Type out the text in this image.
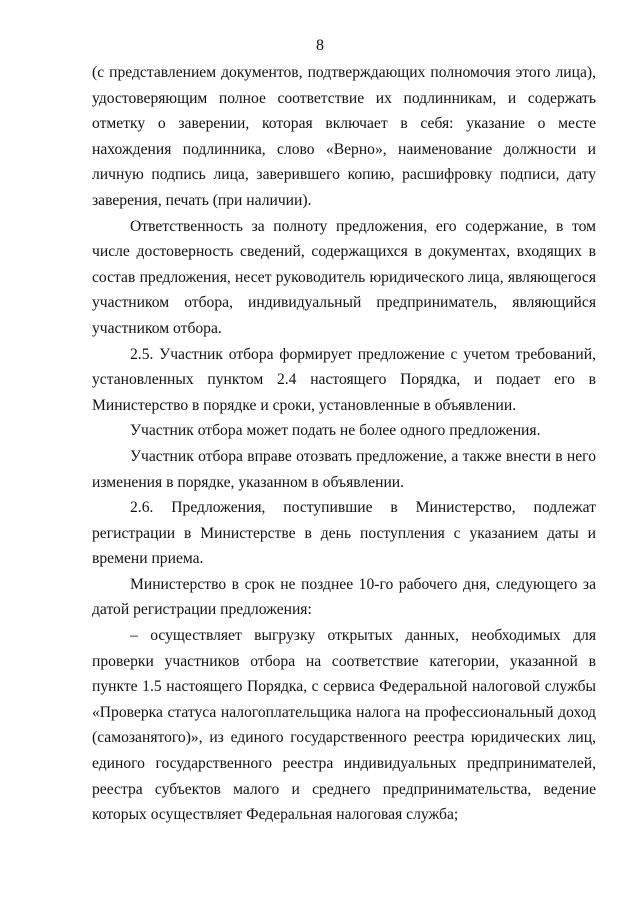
8

(с представлением документов, подтверждающих полномочия этого лица), удостоверяющим полное соответствие их подлинникам, и содержать отметку о заверении, которая включает в себя: указание о месте нахождения подлинника, слово «Верно», наименование должности и личную подпись лица, заверившего копию, расшифровку подписи, дату заверения, печать (при наличии).

Ответственность за полноту предложения, его содержание, в том числе достоверность сведений, содержащихся в документах, входящих в состав предложения, несет руководитель юридического лица, являющегося участником отбора, индивидуальный предприниматель, являющийся участником отбора.

2.5. Участник отбора формирует предложение с учетом требований, установленных пунктом 2.4 настоящего Порядка, и подает его в Министерство в порядке и сроки, установленные в объявлении.

Участник отбора может подать не более одного предложения.

Участник отбора вправе отозвать предложение, а также внести в него изменения в порядке, указанном в объявлении.

2.6. Предложения, поступившие в Министерство, подлежат регистрации в Министерстве в день поступления с указанием даты и времени приема.

Министерство в срок не позднее 10-го рабочего дня, следующего за датой регистрации предложения:

– осуществляет выгрузку открытых данных, необходимых для проверки участников отбора на соответствие категории, указанной в пункте 1.5 настоящего Порядка, с сервиса Федеральной налоговой службы «Проверка статуса налогоплательщика налога на профессиональный доход (самозанятого)», из единого государственного реестра юридических лиц, единого государственного реестра индивидуальных предпринимателей, реестра субъектов малого и среднего предпринимательства, ведение которых осуществляет Федеральная налоговая служба;
